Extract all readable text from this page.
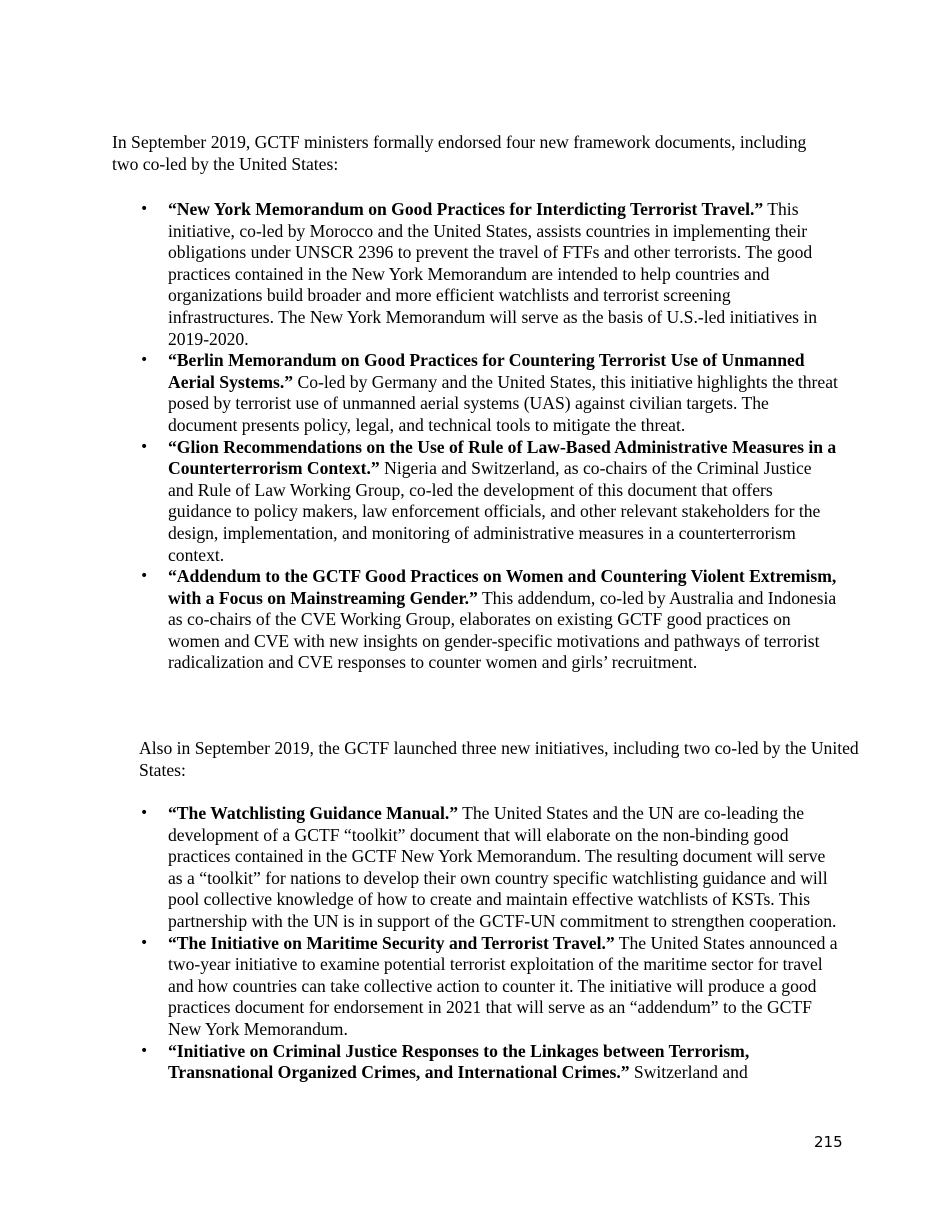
In September 2019, GCTF ministers formally endorsed four new framework documents, including two co-led by the United States:

• “New York Memorandum on Good Practices for Interdicting Terrorist Travel.” This initiative, co-led by Morocco and the United States, assists countries in implementing their obligations under UNSCR 2396 to prevent the travel of FTFs and other terrorists. The good practices contained in the New York Memorandum are intended to help countries and organizations build broader and more efficient watchlists and terrorist screening infrastructures. The New York Memorandum will serve as the basis of U.S.-led initiatives in 2019-2020.
• “Berlin Memorandum on Good Practices for Countering Terrorist Use of Unmanned Aerial Systems.” Co-led by Germany and the United States, this initiative highlights the threat posed by terrorist use of unmanned aerial systems (UAS) against civilian targets. The document presents policy, legal, and technical tools to mitigate the threat.
• “Glion Recommendations on the Use of Rule of Law-Based Administrative Measures in a Counterterrorism Context.” Nigeria and Switzerland, as co-chairs of the Criminal Justice and Rule of Law Working Group, co-led the development of this document that offers guidance to policy makers, law enforcement officials, and other relevant stakeholders for the design, implementation, and monitoring of administrative measures in a counterterrorism context.
• “Addendum to the GCTF Good Practices on Women and Countering Violent Extremism, with a Focus on Mainstreaming Gender.” This addendum, co-led by Australia and Indonesia as co-chairs of the CVE Working Group, elaborates on existing GCTF good practices on women and CVE with new insights on gender-specific motivations and pathways of terrorist radicalization and CVE responses to counter women and girls’ recruitment.

Also in September 2019, the GCTF launched three new initiatives, including two co-led by the United States:

• “The Watchlisting Guidance Manual.” The United States and the UN are co-leading the development of a GCTF “toolkit” document that will elaborate on the non-binding good practices contained in the GCTF New York Memorandum. The resulting document will serve as a “toolkit” for nations to develop their own country specific watchlisting guidance and will pool collective knowledge of how to create and maintain effective watchlists of KSTs. This partnership with the UN is in support of the GCTF-UN commitment to strengthen cooperation.
• “The Initiative on Maritime Security and Terrorist Travel.” The United States announced a two-year initiative to examine potential terrorist exploitation of the maritime sector for travel and how countries can take collective action to counter it. The initiative will produce a good practices document for endorsement in 2021 that will serve as an “addendum” to the GCTF New York Memorandum.
• “Initiative on Criminal Justice Responses to the Linkages between Terrorism, Transnational Organized Crimes, and International Crimes.” Switzerland and
215
